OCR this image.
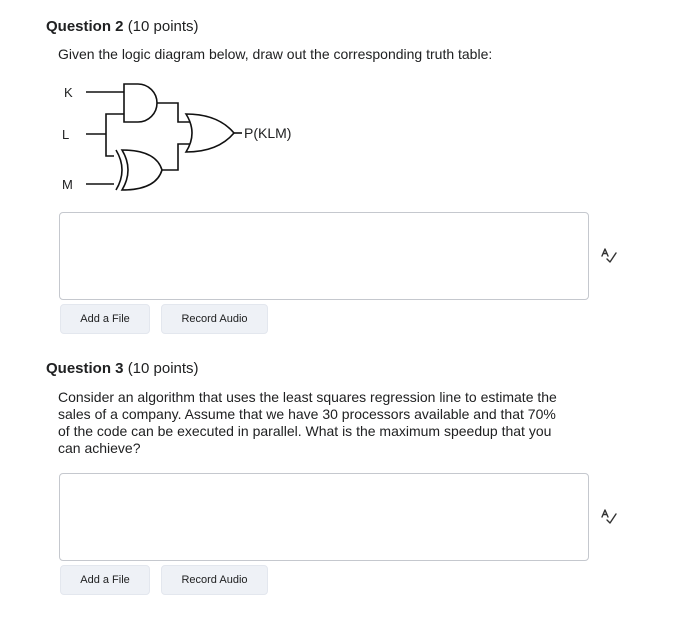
Question 2 (10 points)
Given the logic diagram below, draw out the corresponding truth table:
K
L
M
P(KLM)
Add a File	Record Audio
Question 3 (10 points)
Consider an algorithm that uses the least squares regression line to estimate the sales of a company. Assume that we have 30 processors available and that 70% of the code can be executed in parallel. What is the maximum speedup that you can achieve?
Add a File	Record Audio
